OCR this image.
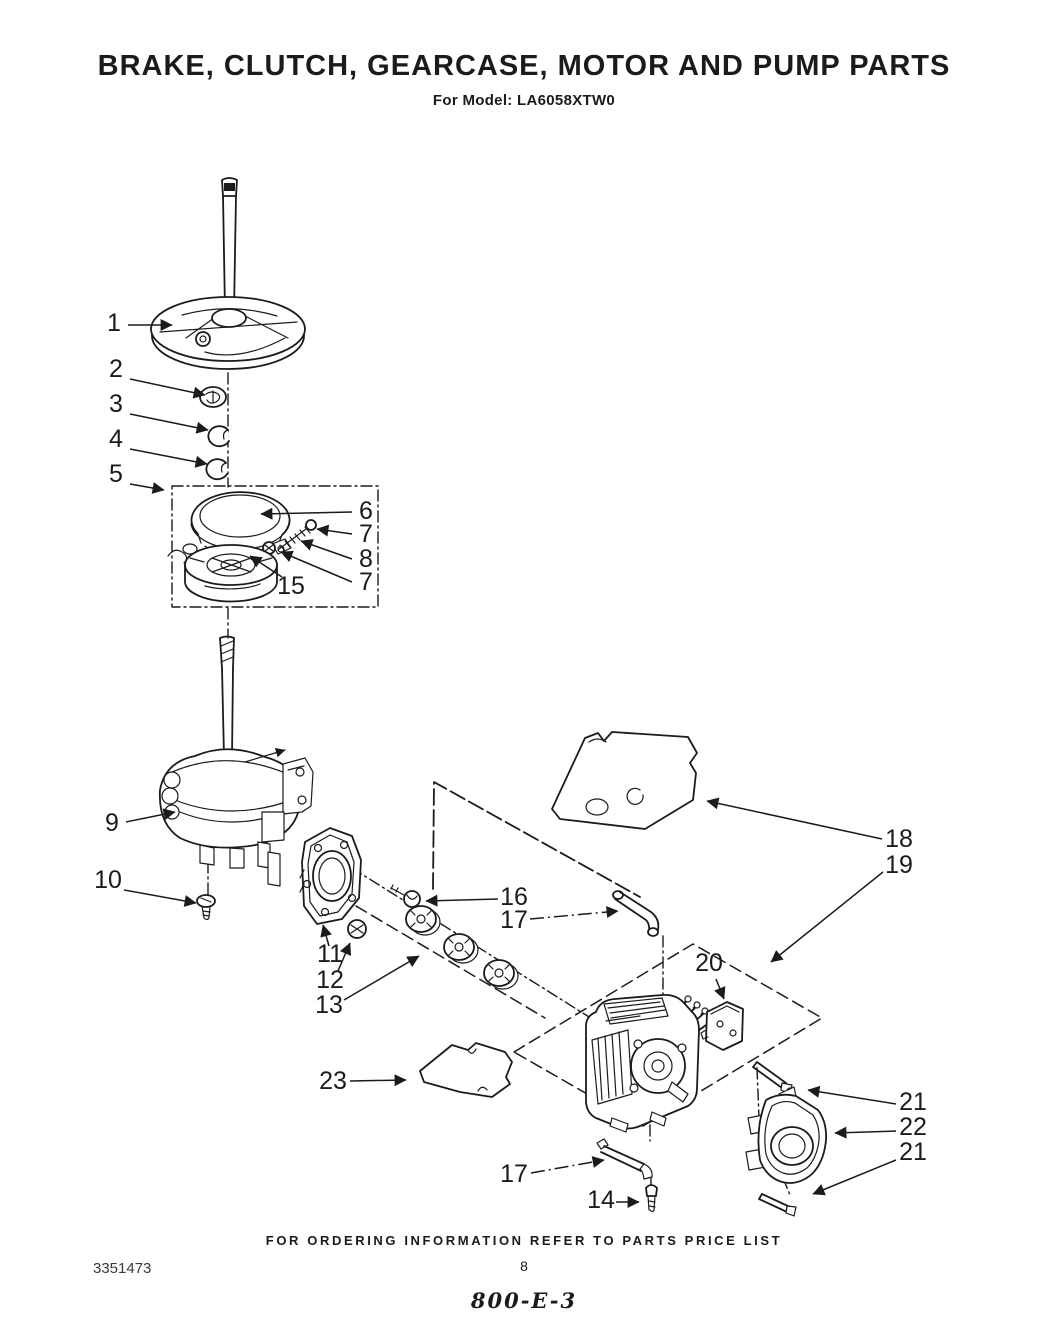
BRAKE, CLUTCH, GEARCASE, MOTOR AND PUMP PARTS
For Model: LA6058XTW0
1
2
3
4
5
6
7
8
7
15
9
10
11
12
13
16
17
18
19
20
21
22
21
23
17
14
FOR ORDERING INFORMATION REFER TO PARTS PRICE LIST
3351473	8
800-E-3
